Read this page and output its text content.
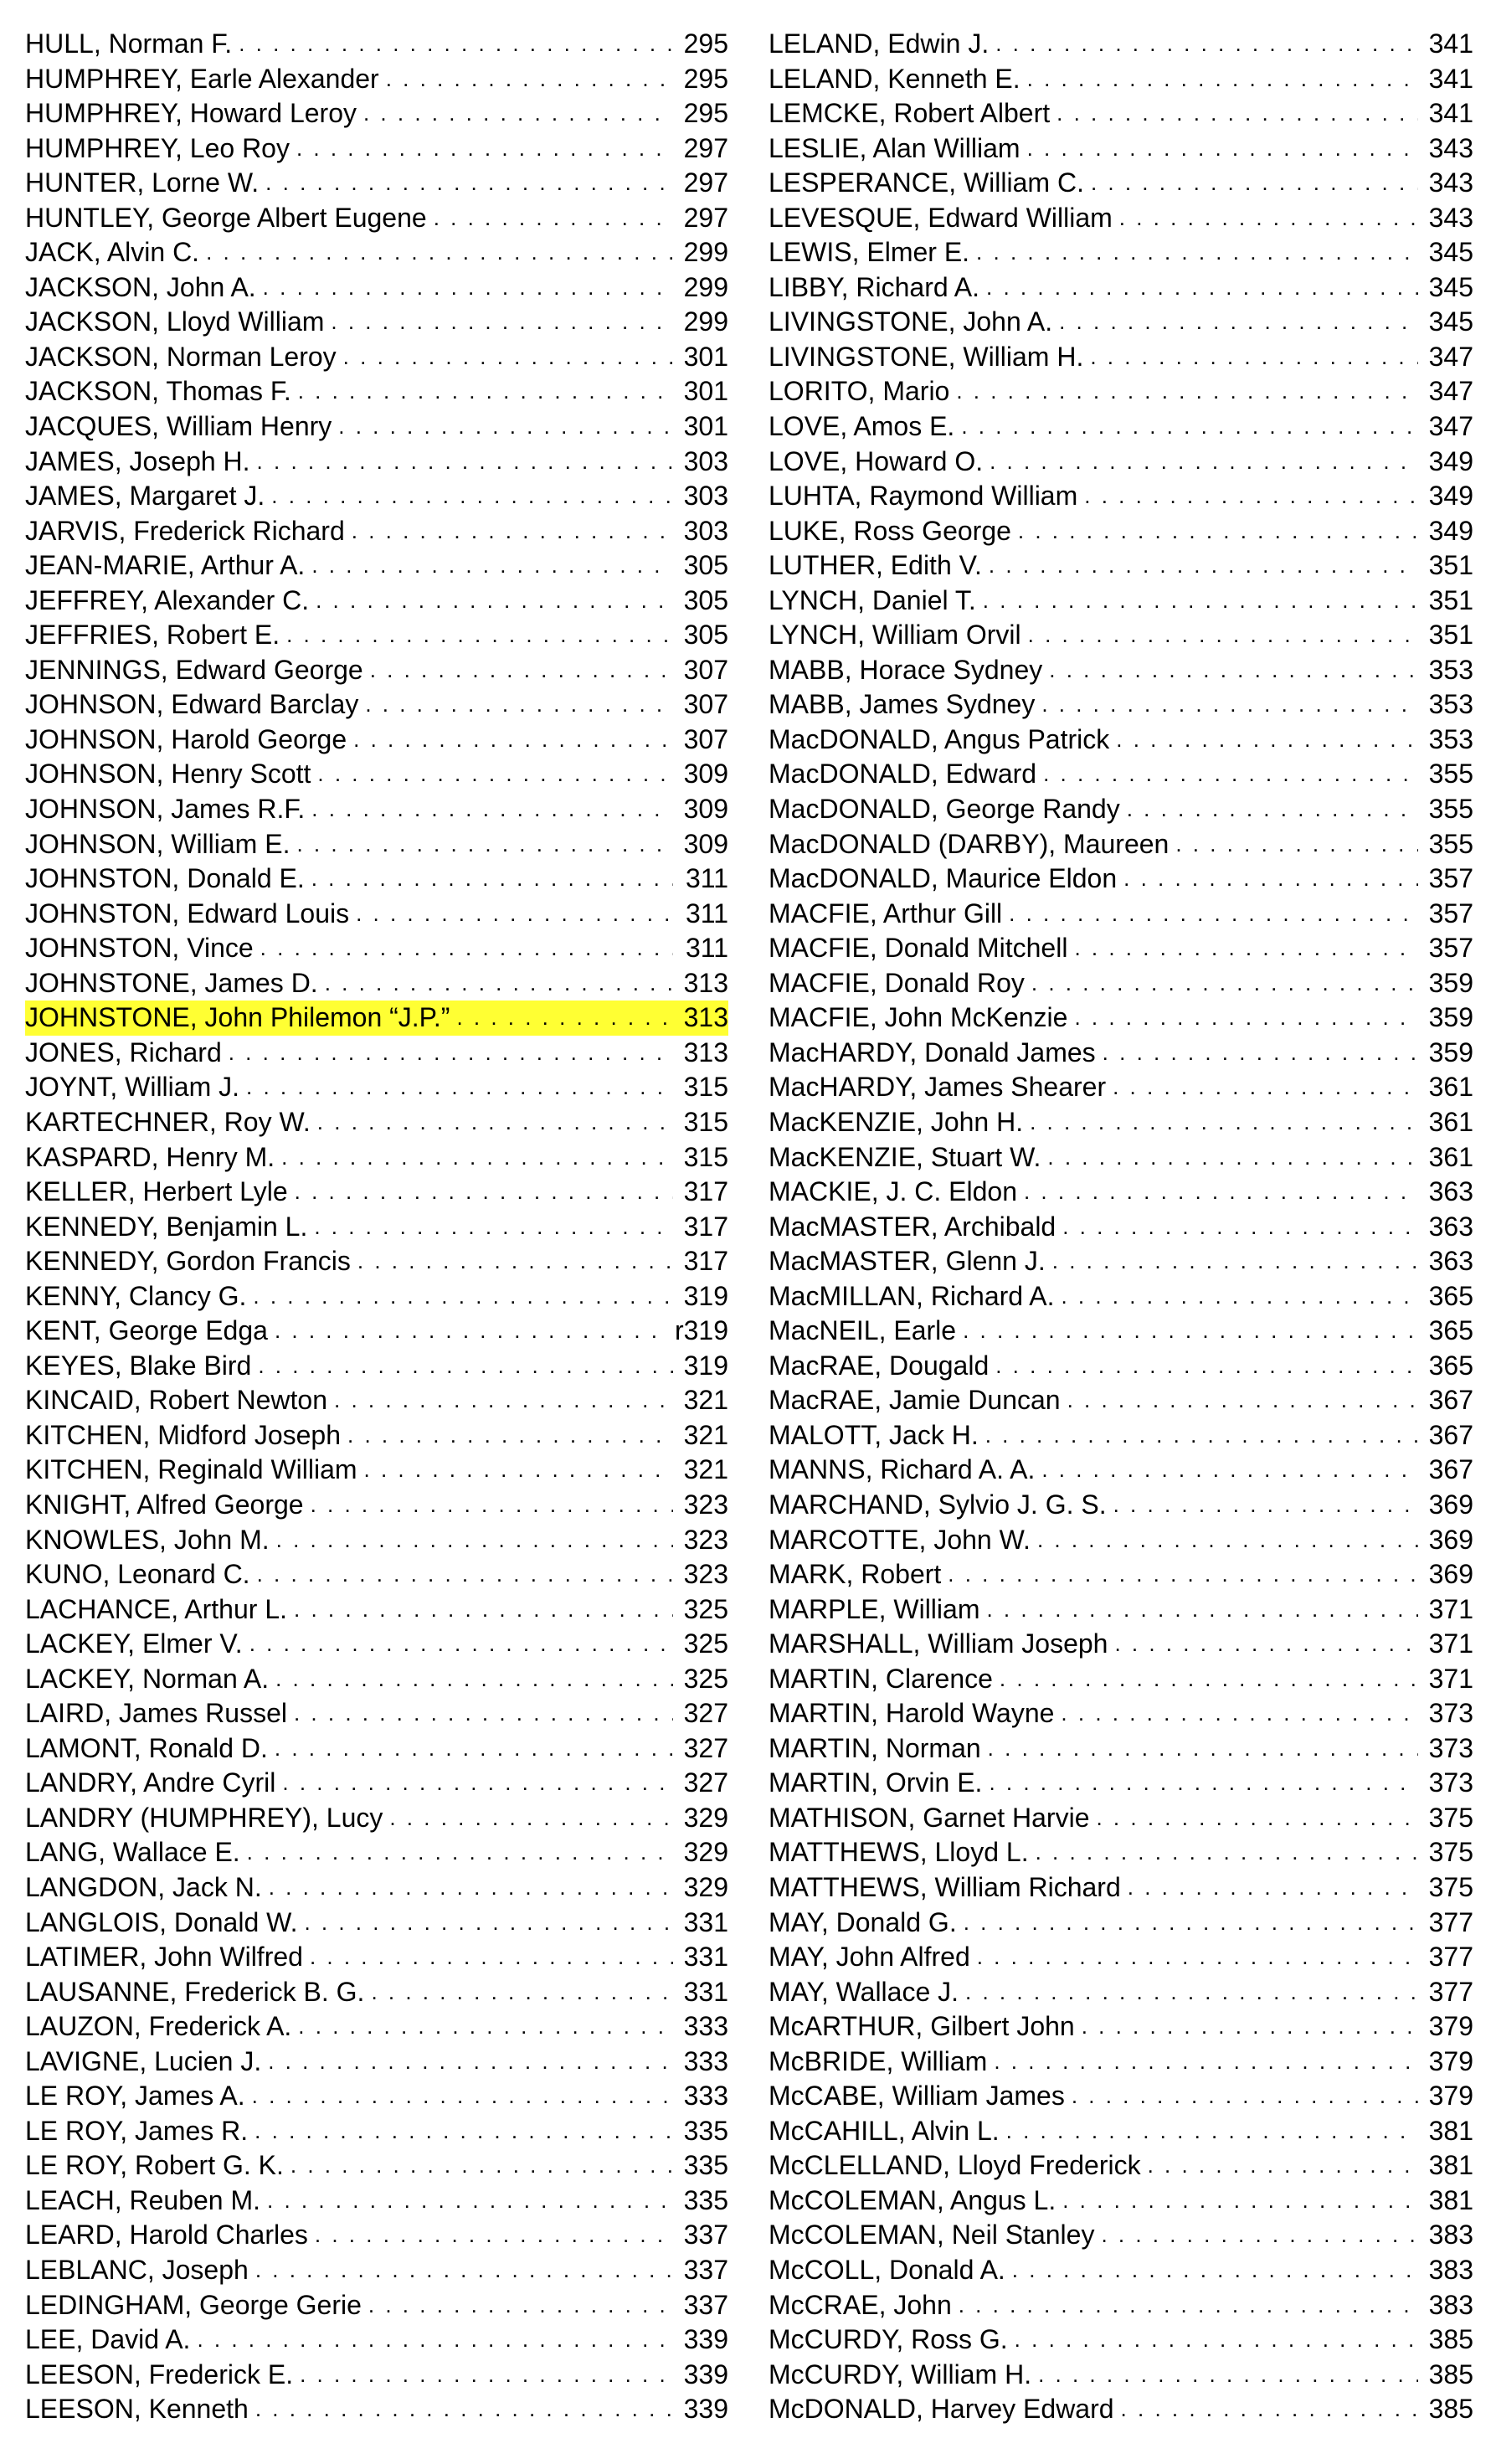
HULL, Norman F. . . .	295
HUMPHREY, Earle Alexander . . .	295
HUMPHREY, Howard Leroy . . .	295
HUMPHREY, Leo Roy . . .	297
HUNTER, Lorne W. . . .	297
HUNTLEY, George Albert Eugene . . .	297
JACK, Alvin C. . . .	299
JACKSON, John A. . . .	299
JACKSON, Lloyd William . . .	299
JACKSON, Norman Leroy . . .	301
JACKSON, Thomas F. . . .	301
JACQUES, William Henry . . .	301
JAMES, Joseph H. . . .	303
JAMES, Margaret J. . . .	303
JARVIS, Frederick Richard . . .	303
JEAN-MARIE, Arthur A. . . .	305
JEFFREY, Alexander C. . . .	305
JEFFRIES, Robert E. . . .	305
JENNINGS, Edward George . . .	307
JOHNSON, Edward Barclay . . .	307
JOHNSON, Harold George . . .	307
JOHNSON, Henry Scott . . .	309
JOHNSON, James R.F. . . .	309
JOHNSON, William E. . . .	309
JOHNSTON, Donald E. . . .	311
JOHNSTON, Edward Louis . . .	311
JOHNSTON, Vince . . .	311
JOHNSTONE, James D. . . .	313
JOHNSTONE, John Philemon “J.P.” . . .	313
JONES, Richard . . .	313
JOYNT, William J. . . .	315
KARTECHNER, Roy W. . . .	315
KASPARD, Henry M. . . .	315
KELLER, Herbert Lyle . . .	317
KENNEDY, Benjamin L. . . .	317
KENNEDY, Gordon Francis . . .	317
KENNY, Clancy G. . . .	319
KENT, George Edga . . .	r319
KEYES, Blake Bird . . .	319
KINCAID, Robert Newton . . .	321
KITCHEN, Midford Joseph . . .	321
KITCHEN, Reginald William . . .	321
KNIGHT, Alfred George . . .	323
KNOWLES, John M. . . .	323
KUNO, Leonard C. . . .	323
LACHANCE, Arthur L. . . .	325
LACKEY, Elmer V. . . .	325
LACKEY, Norman A. . . .	325
LAIRD, James Russel . . .	327
LAMONT, Ronald D. . . .	327
LANDRY, Andre Cyril . . .	327
LANDRY (HUMPHREY), Lucy . . .	329
LANG, Wallace E. . . .	329
LANGDON, Jack N. . . .	329
LANGLOIS, Donald W. . . .	331
LATIMER, John Wilfred . . .	331
LAUSANNE, Frederick B. G. . . .	331
LAUZON, Frederick A. . . .	333
LAVIGNE, Lucien J. . . .	333
LE ROY, James A. . . .	333
LE ROY, James R. . . .	335
LE ROY, Robert G. K. . . .	335
LEACH, Reuben M. . . .	335
LEARD, Harold Charles . . .	337
LEBLANC, Joseph . . .	337
LEDINGHAM, George Gerie . . .	337
LEE, David A. . . .	339
LEESON, Frederick E. . . .	339
LEESON, Kenneth . . .	339
LELAND, Edwin J. . . .	341
LELAND, Kenneth E. . . .	341
LEMCKE, Robert Albert . . .	341
LESLIE, Alan William . . .	343
LESPERANCE, William C. . . .	343
LEVESQUE, Edward William . . .	343
LEWIS, Elmer E. . . .	345
LIBBY, Richard A. . . .	345
LIVINGSTONE, John A. . . .	345
LIVINGSTONE, William H. . . .	347
LORITO, Mario . . .	347
LOVE, Amos E. . . .	347
LOVE, Howard O. . . .	349
LUHTA, Raymond William . . .	349
LUKE, Ross George . . .	349
LUTHER, Edith V. . . .	351
LYNCH, Daniel T. . . .	351
LYNCH, William Orvil . . .	351
MABB, Horace Sydney . . .	353
MABB, James Sydney . . .	353
MacDONALD, Angus Patrick . . .	353
MacDONALD, Edward . . .	355
MacDONALD, George Randy . . .	355
MacDONALD (DARBY), Maureen . . .	355
MacDONALD, Maurice Eldon . . .	357
MACFIE, Arthur Gill . . .	357
MACFIE, Donald Mitchell . . .	357
MACFIE, Donald Roy . . .	359
MACFIE, John McKenzie . . .	359
MacHARDY, Donald James . . .	359
MacHARDY, James Shearer . . .	361
MacKENZIE, John H. . . .	361
MacKENZIE, Stuart W. . . .	361
MACKIE, J. C. Eldon . . .	363
MacMASTER, Archibald . . .	363
MacMASTER, Glenn J. . . .	363
MacMILLAN, Richard A. . . .	365
MacNEIL, Earle . . .	365
MacRAE, Dougald . . .	365
MacRAE, Jamie Duncan . . .	367
MALOTT, Jack H. . . .	367
MANNS, Richard A. A. . . .	367
MARCHAND, Sylvio J. G. S. . . .	369
MARCOTTE, John W. . . .	369
MARK, Robert . . .	369
MARPLE, William . . .	371
MARSHALL, William Joseph . . .	371
MARTIN, Clarence . . .	371
MARTIN, Harold Wayne . . .	373
MARTIN, Norman . . .	373
MARTIN, Orvin E. . . .	373
MATHISON, Garnet Harvie . . .	375
MATTHEWS, Lloyd L. . . .	375
MATTHEWS, William Richard . . .	375
MAY, Donald G. . . .	377
MAY, John Alfred . . .	377
MAY, Wallace J. . . .	377
McARTHUR, Gilbert John . . .	379
McBRIDE, William . . .	379
McCABE, William James . . .	379
McCAHILL, Alvin L. . . .	381
McCLELLAND, Lloyd Frederick . . .	381
McCOLEMAN, Angus L. . . .	381
McCOLEMAN, Neil Stanley . . .	383
McCOLL, Donald A. . . .	383
McCRAE, John . . .	383
McCURDY, Ross G. . . .	385
McCURDY, William H. . . .	385
McDONALD, Harvey Edward . . .	385
